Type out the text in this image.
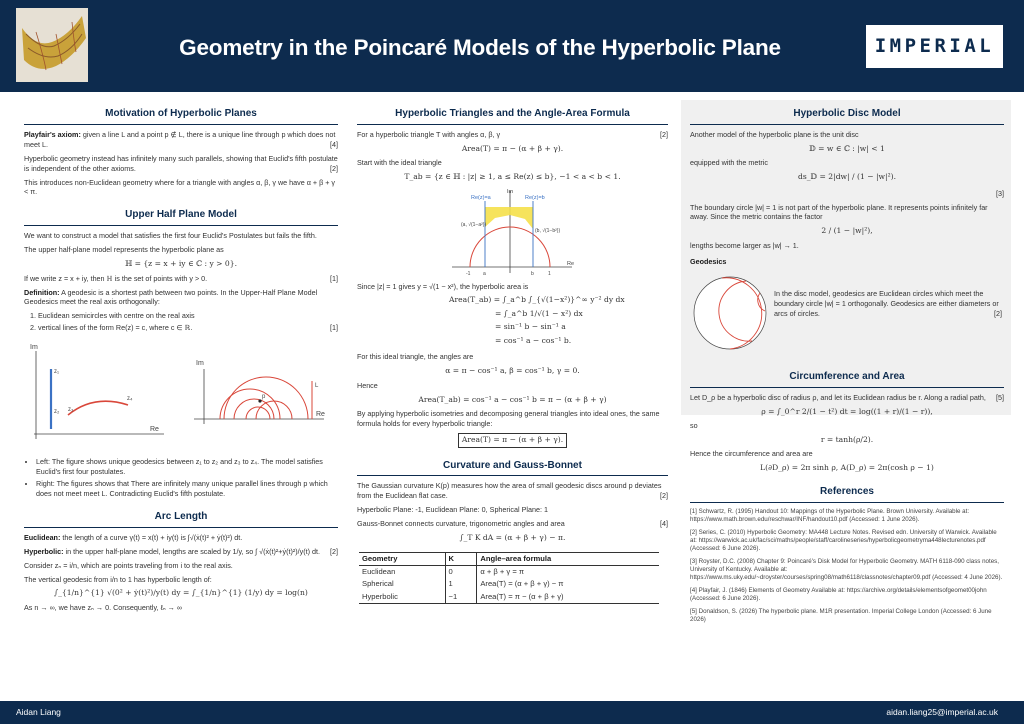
Geometry in the Poincaré Models of the Hyperbolic Plane	IMPERIAL
Motivation of Hyperbolic Planes

Playfair's axiom: given a line L and a point p ∉ L, there is a unique line through p which does not meet L.	[4]

Hyperbolic geometry instead has infinitely many such parallels, showing that Euclid's fifth postulate is independent of the other axioms.	[2]

This introduces non-Euclidean geometry where for a triangle with angles α, β, γ we have α + β + γ < π.

Upper Half Plane Model

We want to construct a model that satisfies the first four Euclid's Postulates but fails the fifth.

The upper half-plane model represents the hyperbolic plane as

ℍ = {z = x + iy ∈ ℂ : y > 0}.

If we write z = x + iy, then ℍ is the set of points with y > 0.	[1]

Definition: A geodesic is a shortest path between two points. In the Upper-Half Plane Model Geodesics meet the real axis orthogonally:

1. Euclidean semicircles with centre on the real axis
2. vertical lines of the form Re(z) = c, where c ∈ ℝ.	[1]
Im
Re
z₁
z₂ z₃
z₄
Im
Re
p
L
• Left: The figure shows unique geodesics between z₁ to z₂ and z₃ to z₄. The model satisfies Euclid's first four postulates.
• Right: The figures shows that There are infinitely many unique parallel lines through p which does not meet meet L. Contradicting Euclid's fifth postulate.
Arc Length

Euclidean: the length of a curve γ(t) = x(t) + iy(t) is ∫√(ẋ(t)² + ẏ(t)²) dt.

Hyperbolic: in the upper half-plane model, lengths are scaled by 1/y, so ∫ √(ẋ(t)²+ẏ(t)²)/y(t) dt. [2]

Consider zₙ = i/n, which are points traveling from i to the real axis.

The vertical geodesic from i/n to 1 has hyperbolic length of:

∫_{1/n}^{1} √(0² + ẏ(t)²)/y(t) dy = ∫_{1/n}^{1} (1/y) dy = log(n)

As n → ∞, we have zₙ → 0. Consequently, ℓₙ → ∞

Hyperbolic Triangles and the Angle-Area Formula

For a hyperbolic triangle T with angles α, β, γ	[2]

Area(T) = π − (α + β + γ).

Start with the ideal triangle

T_ab = {z ∈ ℍ : |z| ≥ 1, a ≤ Re(z) ≤ b}, −1 < a < b < 1.
Im
Re
Re(z)=a	Re(z)=b
(a, √(1−a²))
(b, √(1−b²))
-1	a	b	1

Since |z| = 1 gives y = √(1 − x²), the hyperbolic area is

Area(T_ab) = ∫_a^b ∫_{√(1−x²)}^∞ y⁻² dy dx
= ∫_a^b 1/√(1 − x²) dx
= sin⁻¹ b − sin⁻¹ a
= cos⁻¹ a − cos⁻¹ b.

For this ideal triangle, the angles are

α = π − cos⁻¹ a, β = cos⁻¹ b, γ = 0.

Hence

Area(T_ab) = cos⁻¹ a − cos⁻¹ b = π − (α + β + γ)

By applying hyperbolic isometries and decomposing general triangles into ideal ones, the same formula holds for every hyperbolic triangle:

Area(T) = π − (α + β + γ).
Curvature and Gauss-Bonnet

The Gaussian curvature K(p) measures how the area of small geodesic discs around p deviates from the Euclidean flat case.	[2]

Hyperbolic Plane: -1, Euclidean Plane: 0, Spherical Plane: 1

Gauss-Bonnet connects curvature, trigonometric angles and area	[4]

∫_T K dA = (α + β + γ) − π.
Geometry	K	Angle–area formula
Euclidean	0	α + β + γ = π
Spherical	1	Area(T) = (α + β + γ) − π
Hyperbolic	−1	Area(T) = π − (α + β + γ)
Hyperbolic Disc Model

Another model of the hyperbolic plane is the unit disc

𝔻 = w ∈ ℂ : |w| < 1

equipped with the metric

ds_𝔻 = 2|dw| / (1 − |w|²).

[3]

The boundary circle |w| = 1 is not part of the hyperbolic plane. It represents points infinitely far away. Since the metric contains the factor

2 / (1 − |w|²),

lengths become larger as |w| → 1.

Geodesics

In the disc model, geodesics are Euclidean circles which meet the boundary circle |w| = 1 orthogonally. Geodesics are either diameters or arcs of circles.	[2]

Circumference and Area

Let D_ρ be a hyperbolic disc of radius ρ, and let its Euclidean radius be r. Along a radial path, [5]

ρ = ∫_0^r 2/(1 − t²) dt = log((1 + r)/(1 − r)),

so

r = tanh(ρ/2).

Hence the circumference and area are

L(∂D_ρ) = 2π sinh ρ, A(D_ρ) = 2π(cosh ρ − 1)
References

[1] Schwartz, R. (1995) Handout 10: Mappings of the Hyperbolic Plane. Brown University. Available at: https://www.math.brown.edu/reschwar/INF/handout10.pdf (Accessed: 1 June 2026).

[2] Series, C. (2010) Hyperbolic Geometry: MA448 Lecture Notes. Revised edn. University of Warwick. Available at: https://warwick.ac.uk/fac/sci/maths/people/staff/carolineseries/hyperbolicgeometryma448lecturenotes.pdf (Accessed: 6 June 2026).

[3] Royster, D.C. (2008) Chapter 9: Poincaré's Disk Model for Hyperbolic Geometry. MATH 6118-090 class notes, University of Kentucky. Available at: https://www.ms.uky.edu/~droyster/courses/spring08/math6118/classnotes/chapter09.pdf (Accessed: 4 June 2026).

[4] Playfair, J. (1846) Elements of Geometry Available at: https://archive.org/details/elementsofgeomet00john (Accessed: 6 June 2026).

[5] Donaldson, S. (2026) The hyperbolic plane. M1R presentation. Imperial College London (Accessed: 6 June 2026)

Aidan Liang	aidan.liang25@imperial.ac.uk
